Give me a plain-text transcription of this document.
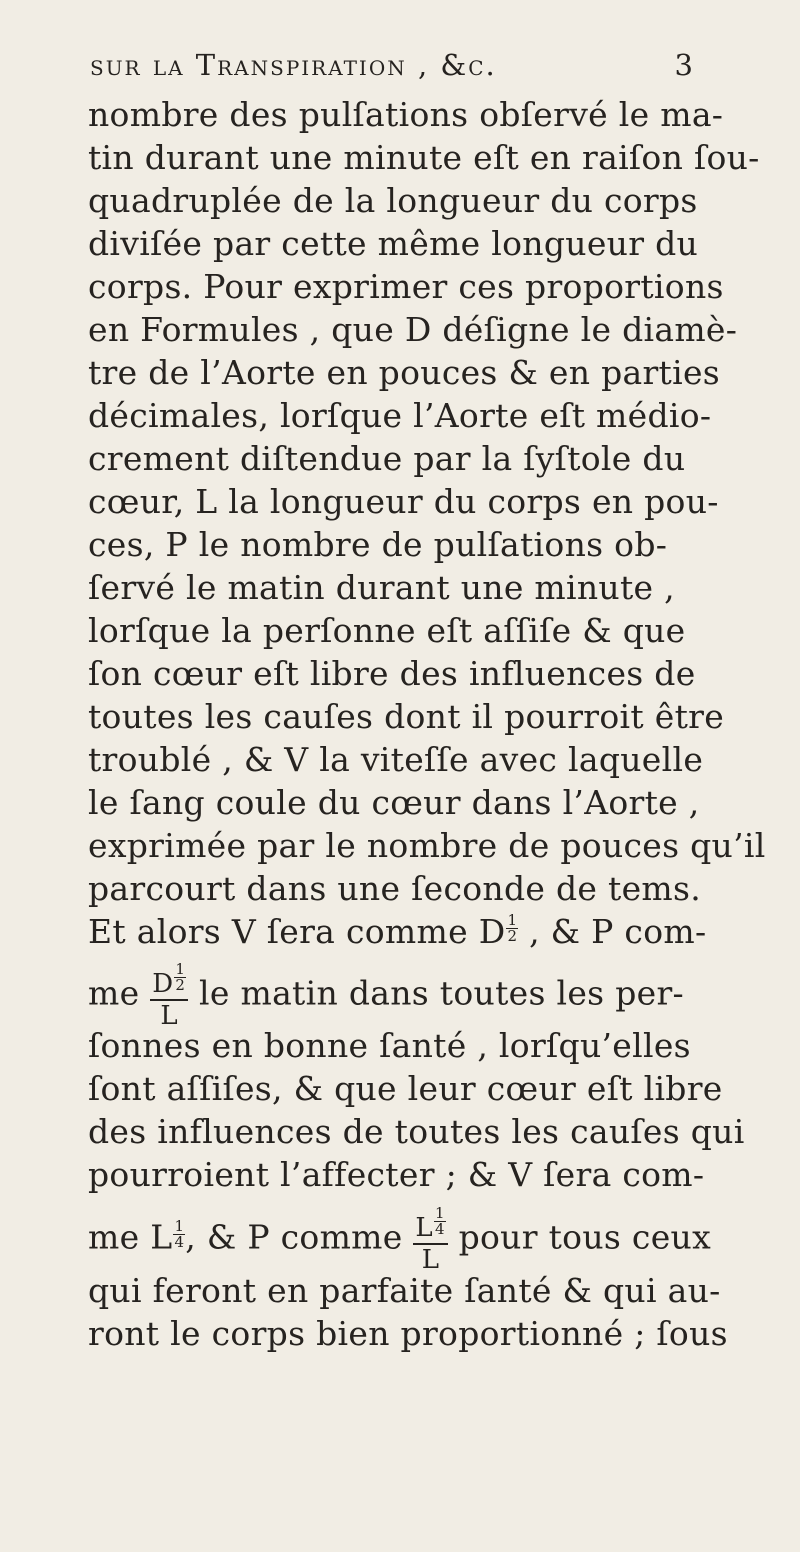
sur la Transpiration , &c.	3
nombre des pulſations obſervé le ma-
tin durant une minute eſt en raiſon ſou-
quadruplée de la longueur du corps
diviſée par cette même longueur du
corps. Pour exprimer ces proportions
en Formules , que D déſigne le diamè-
tre de l’Aorte en pouces & en parties
décimales, lorſque l’Aorte eſt médio-
crement diſtendue par la ſyſtole du
cœur, L la longueur du corps en pou-
ces, P le nombre de pulſations ob-
ſervé le matin durant une minute ,
lorſque la perſonne eſt aſſiſe & que
ſon cœur eſt libre des influences de
toutes les cauſes dont il pourroit être
troublé , & V la viteſſe avec laquelle
le ſang coule du cœur dans l’Aorte ,
exprimée par le nombre de pouces qu’il
parcourt dans une ſeconde de tems.
Et alors V ſera comme D $\frac{1}{2}$ , & P com-
me $\frac{D \frac{1}{2}}{L}$ le matin dans toutes les per-
ſonnes en bonne ſanté , lorſqu’elles
ſont aſſiſes, & que leur cœur eſt libre
des influences de toutes les cauſes qui
pourroient l’affecter ; & V ſera com-
me L $\frac{1}{4}$ , & P comme $\frac{L \frac{1}{4}}{L}$ pour tous ceux
qui feront en parfaite ſanté & qui au-
ront le corps bien proportionné ; ſous
